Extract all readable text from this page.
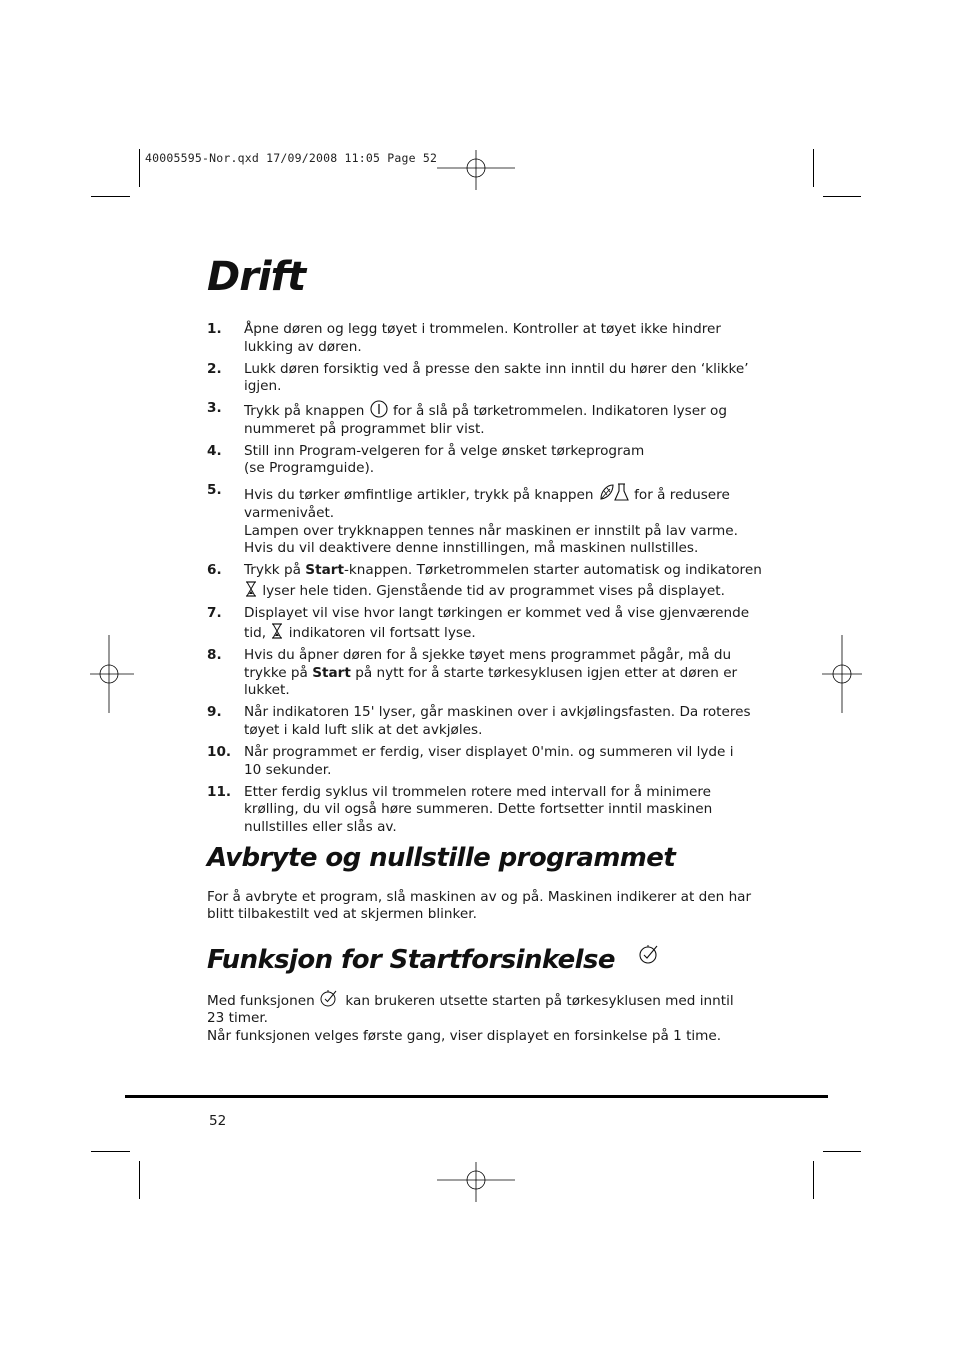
40005595-Nor.qxd 17/09/2008 11:05 Page 52
Drift
1. Åpne døren og legg tøyet i trommelen. Kontroller at tøyet ikke hindrer lukking av døren.
2. Lukk døren forsiktig ved å presse den sakte inn inntil du hører den ‘klikke’ igjen.
3. Trykk på knappen for å slå på tørketrommelen. Indikatoren lyser og nummeret på programmet blir vist.
4. Still inn Program-velgeren for å velge ønsket tørkeprogram
(se Programguide).
5. Hvis du tørker ømfintlige artikler, trykk på knappen	for å redusere varmenivået.
Lampen over trykknappen tennes når maskinen er innstilt på lav varme. Hvis du vil deaktivere denne innstillingen, må maskinen nullstilles.
6. Trykk på Start-knappen. Tørketrommelen starter automatisk og indikatoren  lyser hele tiden. Gjenstående tid av programmet vises på displayet.
7. Displayet vil vise hvor langt tørkingen er kommet ved å vise gjenværende tid, indikatoren vil fortsatt lyse.
8. Hvis du åpner døren for å sjekke tøyet mens programmet pågår, må du trykke på Start på nytt for å starte tørkesyklusen igjen etter at døren er lukket.
9. Når indikatoren 15' lyser, går maskinen over i avkjølingsfasten. Da roteres tøyet i kald luft slik at det avkjøles.
10. Når programmet er ferdig, viser displayet 0'min. og summeren vil lyde i
10 sekunder.
11. Etter ferdig syklus vil trommelen rotere med intervall for å minimere krølling, du vil også høre summeren. Dette fortsetter inntil maskinen nullstilles eller slås av.
Avbryte og nullstille programmet

For å avbryte et program, slå maskinen av og på. Maskinen indikerer at den har blitt tilbakestilt ved at skjermen blinker.

Funksjon for Startforsinkelse

Med funksjonen kan brukeren utsette starten på tørkesyklusen med inntil
23 timer.

Når funksjonen velges første gang, viser displayet en forsinkelse på 1 time.

52
